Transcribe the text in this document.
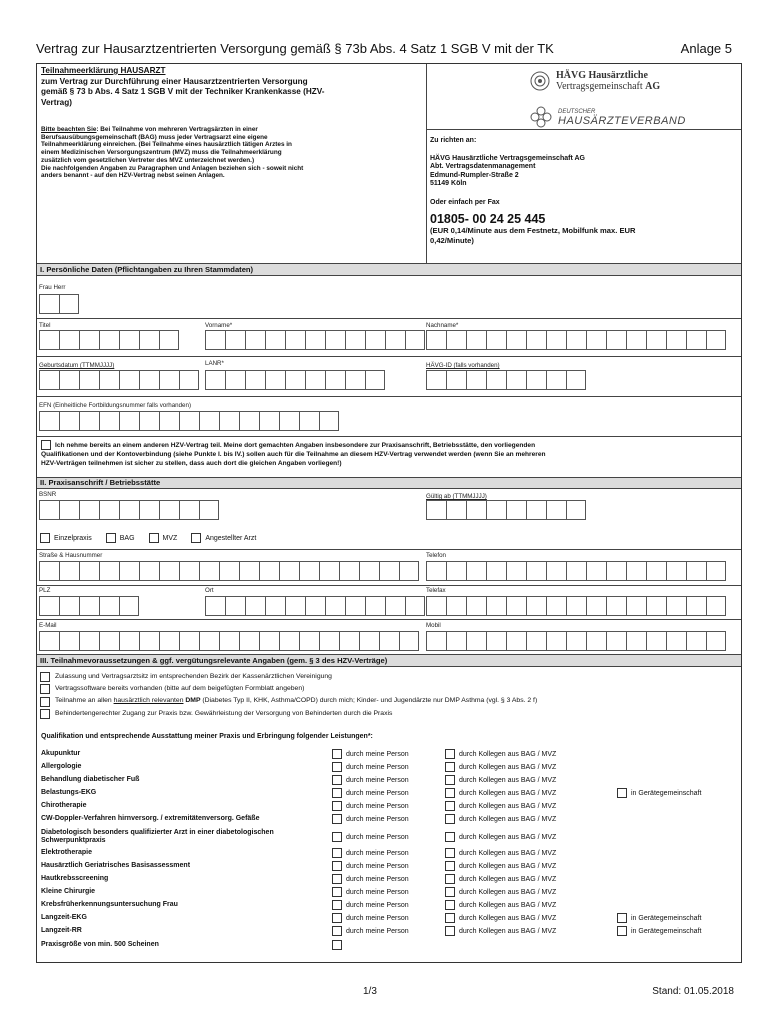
Vertrag zur Hausarztzentrierten Versorgung gemäß § 73b Abs. 4 Satz 1 SGB V mit der TK	Anlage 5
Teilnahmeerklärung HAUSARZT
zum Vertrag zur Durchführung einer Hausarztzentrierten Versorgung
gemäß § 73 b Abs. 4 Satz 1 SGB V mit der Techniker Krankenkasse (HZV-
Vertrag)
Bitte beachten Sie: Bei Teilnahme von mehreren Vertragsärzten in einer
Berufsausübungsgemeinschaft (BAG) muss jeder Vertragsarzt eine eigene
Teilnahmeerklärung einreichen. (Bei Teilnahme eines hausärztlich tätigen Arztes in
einem Medizinischen Versorgungszentrum (MVZ) muss die Teilnahmeerklärung
zusätzlich vom gesetzlichen Vertreter des MVZ unterzeichnet werden.)
Die nachfolgenden Angaben zu Paragraphen und Anlagen beziehen sich - soweit nicht
anders benannt - auf den HZV-Vertrag nebst seinen Anlagen.
HÄVG Hausärztliche
Vertragsgemeinschaft AG
DEUTSCHER
HAUSÄRZTEVERBAND
Zu richten an:
HÄVG Hausärztliche Vertragsgemeinschaft AG
Abt. Vertragsdatenmanagement
Edmund-Rumpler-Straße 2
51149 Köln
Oder einfach per Fax
01805- 00 24 25 445
(EUR 0,14/Minute aus dem Festnetz, Mobilfunk max. EUR
0,42/Minute)
I. Persönliche Daten (Pflichtangaben zu Ihren Stammdaten)
Frau Herr
Titel	Vorname*	Nachname*
Geburtsdatum (TTMMJJJJ)	LANR*	HÄVG-ID (falls vorhanden)
EFN (Einheitliche Fortbildungsnummer falls vorhanden)
Ich nehme bereits an einem anderen HZV-Vertrag teil. Meine dort gemachten Angaben insbesondere zur Praxisanschrift, Betriebsstätte, den vorliegenden
Qualifikationen und der Kontoverbindung (siehe Punkte I. bis IV.) sollen auch für die Teilnahme an diesem HZV-Vertrag verwendet werden (wenn Sie an mehreren
HZV-Verträgen teilnehmen ist sicher zu stellen, dass auch dort die gleichen Angaben vorliegen!)
II. Praxisanschrift / Betriebsstätte
BSNR	Gültig ab (TTMMJJJJ)
Einzelpraxis	BAG	MVZ	Angestellter Arzt
Straße & Hausnummer	Telefon
PLZ	Ort	Telefax
E-Mail	Mobil
III. Teilnahmevoraussetzungen & ggf. vergütungsrelevante Angaben (gem. § 3 des HZV-Verträge)
Zulassung und Vertragsarztsitz im entsprechenden Bezirk der Kassenärztlichen Vereinigung
Vertragssoftware bereits vorhanden (bitte auf dem beigefügten Formblatt angeben)
Teilnahme an allen hausärztlich relevanten DMP (Diabetes Typ II, KHK, Asthma/COPD) durch mich; Kinder- und Jugendärzte nur DMP Asthma (vgl. § 3 Abs. 2 f)
Behindertengerechter Zugang zur Praxis bzw. Gewährleistung der Versorgung von Behinderten durch die Praxis
Qualifikation und entsprechende Ausstattung meiner Praxis und Erbringung folgender Leistungen*:
Akupunktur	durch meine Person	durch Kollegen aus BAG / MVZ
Allergologie	durch meine Person	durch Kollegen aus BAG / MVZ
Behandlung diabetischer Fuß	durch meine Person	durch Kollegen aus BAG / MVZ
Belastungs-EKG	durch meine Person	durch Kollegen aus BAG / MVZ	in Gerätegemeinschaft
Chirotherapie	durch meine Person	durch Kollegen aus BAG / MVZ
CW-Doppler-Verfahren hirnversorg. / extremitätenversorg. Gefäße	durch meine Person	durch Kollegen aus BAG / MVZ
Diabetologisch besonders qualifizierter Arzt in einer diabetologischen Schwerpunktpraxis	durch meine Person	durch Kollegen aus BAG / MVZ
Elektrotherapie	durch meine Person	durch Kollegen aus BAG / MVZ
Hausärztlich Geriatrisches Basisassessment	durch meine Person	durch Kollegen aus BAG / MVZ
Hautkrebsscreening	durch meine Person	durch Kollegen aus BAG / MVZ
Kleine Chirurgie	durch meine Person	durch Kollegen aus BAG / MVZ
Krebsfrüherkennungsuntersuchung Frau	durch meine Person	durch Kollegen aus BAG / MVZ
Langzeit-EKG	durch meine Person	durch Kollegen aus BAG / MVZ	in Gerätegemeinschaft
Langzeit-RR	durch meine Person	durch Kollegen aus BAG / MVZ	in Gerätegemeinschaft
Praxisgröße von min. 500 Scheinen
1/3	Stand: 01.05.2018
